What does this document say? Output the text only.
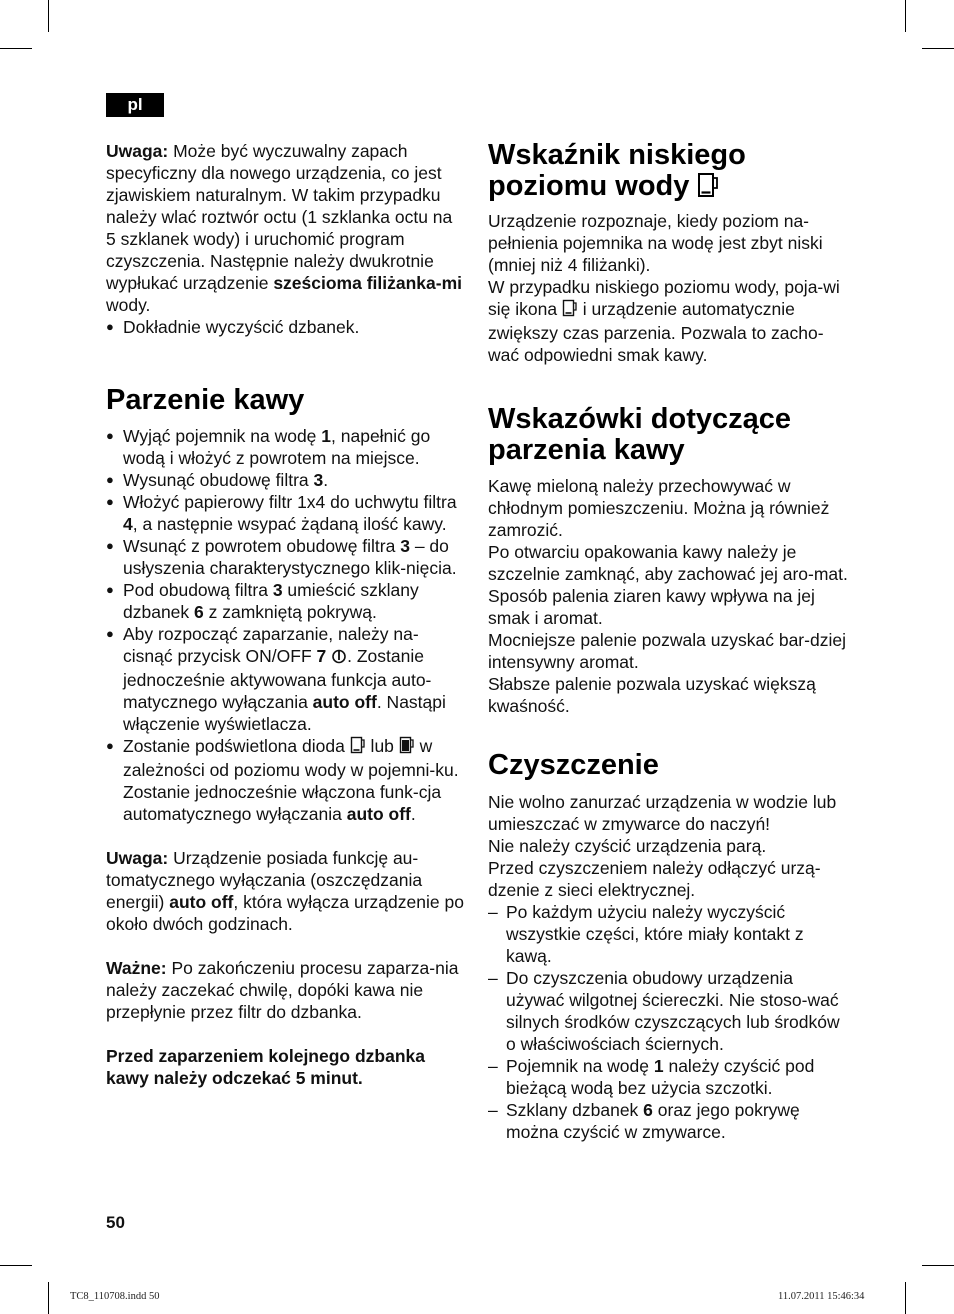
pl

Uwaga: Może być wyczuwalny zapach specyficzny dla nowego urządzenia, co jest zjawiskiem naturalnym. W takim przypadku należy wlać roztwór octu (1 szklanka octu na 5 szklanek wody) i uruchomić program czyszczenia. Następnie należy dwukrotnie wypłukać urządzenie sześcioma filiżanka-mi wody.

● Dokładnie wyczyścić dzbanek.
Parzenie kawy
● Wyjąć pojemnik na wodę 1, napełnić go wodą i włożyć z powrotem na miejsce.
● Wysunąć obudowę filtra 3.
● Włożyć papierowy filtr 1x4 do uchwytu filtra 4, a następnie wsypać żądaną ilość kawy.
● Wsunąć z powrotem obudowę filtra 3 – do usłyszenia charakterystycznego klik-nięcia.
● Pod obudową filtra 3 umieścić szklany dzbanek 6 z zamkniętą pokrywą.
● Aby rozpocząć zaparzanie, należy na-cisnąć przycisk ON/OFF 7 . Zostanie jednocześnie aktywowana funkcja auto-matycznego wyłączania auto off. Nastąpi włączenie wyświetlacza.
● Zostanie podświetlona dioda  lub  w zależności od poziomu wody w pojemni-ku. Zostanie jednocześnie włączona funk-cja automatycznego wyłączania auto off.

Uwaga: Urządzenie posiada funkcję au-tomatycznego wyłączania (oszczędzania energii) auto off, która wyłącza urządzenie po około dwóch godzinach.

Ważne: Po zakończeniu procesu zaparza-nia należy zaczekać chwilę, dopóki kawa nie przepłynie przez filtr do dzbanka.

Przed zaparzeniem kolejnego dzbanka kawy należy odczekać 5 minut.

Wskaźnik niskiego poziomu wody

Urządzenie rozpoznaje, kiedy poziom na-pełnienia pojemnika na wodę jest zbyt niski (mniej niż 4 filiżanki).

W przypadku niskiego poziomu wody, poja-wi się ikona  i urządzenie automatycznie zwiększy czas parzenia. Pozwala to zacho-wać odpowiedni smak kawy.

Wskazówki dotyczące parzenia kawy

Kawę mieloną należy przechowywać w chłodnym pomieszczeniu. Można ją również zamrozić.

Po otwarciu opakowania kawy należy je szczelnie zamknąć, aby zachować jej aro-mat.

Sposób palenia ziaren kawy wpływa na jej smak i aromat.

Mocniejsze palenie pozwala uzyskać bar-dziej intensywny aromat.

Słabsze palenie pozwala uzyskać większą kwaśność.

Czyszczenie

Nie wolno zanurzać urządzenia w wodzie lub umieszczać w zmywarce do naczyń!

Nie należy czyścić urządzenia parą.

Przed czyszczeniem należy odłączyć urzą-dzenie z sieci elektrycznej.

– Po każdym użyciu należy wyczyścić wszystkie części, które miały kontakt z kawą.
– Do czyszczenia obudowy urządzenia używać wilgotnej ściereczki. Nie stoso-wać silnych środków czyszczących lub środków o właściwościach ściernych.
– Pojemnik na wodę 1 należy czyścić pod bieżącą wodą bez użycia szczotki.
– Szklany dzbanek 6 oraz jego pokrywę można czyścić w zmywarce.
50
TC8_110708.indd 50	11.07.2011 15:46:34
